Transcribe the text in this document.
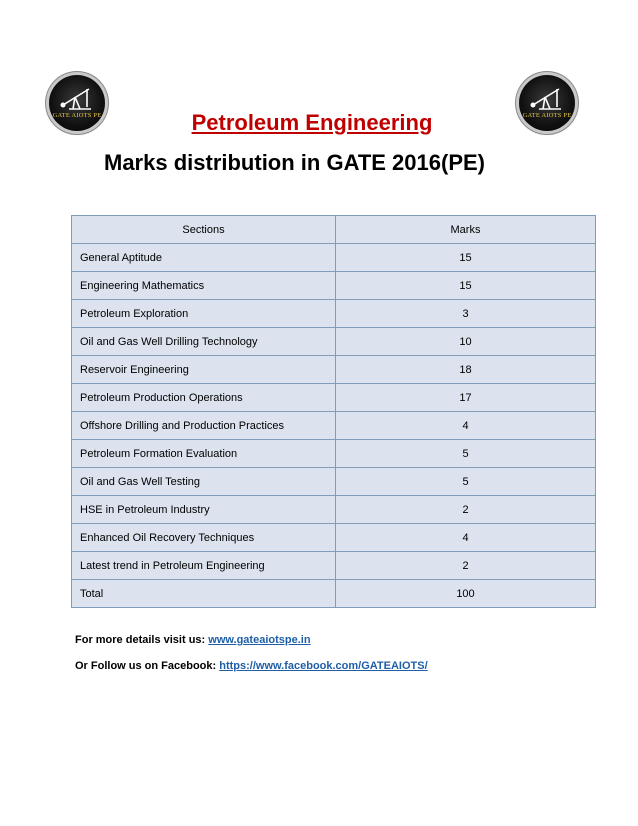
GATE AIOTS PE	GATE AIOTS PE
Petroleum Engineering
Marks distribution in GATE 2016(PE)
Sections	Marks
General Aptitude	15
Engineering Mathematics	15
Petroleum Exploration	3
Oil and Gas Well Drilling Technology	10
Reservoir Engineering	18
Petroleum Production Operations	17
Offshore Drilling and Production Practices	4
Petroleum Formation Evaluation	5
Oil and Gas Well Testing	5
HSE in Petroleum Industry	2
Enhanced Oil Recovery Techniques	4
Latest trend in Petroleum Engineering	2
Total	100
For more details visit us: www.gateaiotspe.in
Or Follow us on Facebook: https://www.facebook.com/GATEAIOTS/
